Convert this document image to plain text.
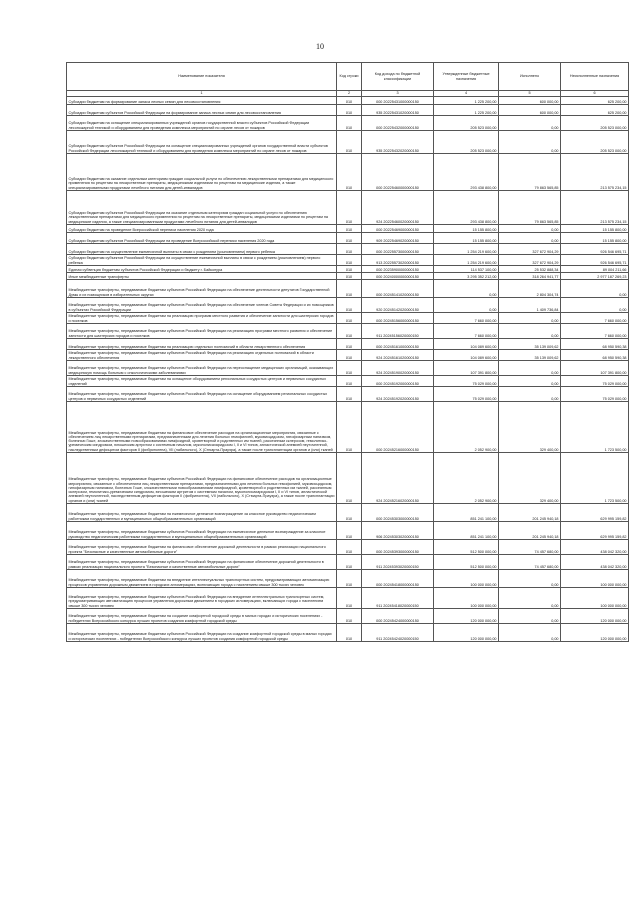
10
Наименование показателя	Код строки	Код дохода по бюджетной классификации	Утвержденные бюджетные назначения	Исполнено	Неисполненные назначения
1	2	3	4	5	6
Субсидии бюджетам на формирование запаса лесных семян для лесовосстановления	010	000 20225431000000150	1 225 200,00	600 000,00	625 200,00
Субсидии бюджетам субъектов Российской Федерации на формирование запаса лесных семян для лесовосстановления	010	935 20225431020000150	1 225 200,00	600 000,00	625 200,00
Субсидии бюджетам на оснащение специализированных учреждений органов государственной власти субъектов Российской Федерации лесопожарной техникой и оборудованием для проведения комплекса мероприятий по охране лесов от пожаров	010	000 20225432000000150	205 523 000,00	0,00	205 523 000,00
Субсидии бюджетам субъектов Российской Федерации на оснащение специализированных учреждений органов государственной власти субъектов Российской Федерации лесопожарной техникой и оборудованием для проведения комплекса мероприятий по охране лесов от пожаров	010	935 20225432020000150	205 523 000,00	0,00	205 523 000,00
Субсидии бюджетам на оказание отдельным категориям граждан социальной услуги по обеспечению лекарственными препаратами для медицинского применения по рецептам на лекарственные препараты, медицинскими изделиями по рецептам на медицинские изделия, а также специализированными продуктами лечебного питания для детей-инвалидов	010	000 20225460000000150	293 438 800,00	79 863 565,85	213 575 234,15
Субсидии бюджетам субъектов Российской Федерации на оказание отдельным категориям граждан социальной услуги по обеспечению лекарственными препаратами для медицинского применения по рецептам на лекарственные препараты, медицинскими изделиями по рецептам на медицинские изделия, а также специализированными продуктами лечебного питания для детей-инвалидов	010	924 20225460020000150	293 438 800,00	79 863 565,85	213 575 234,15
Субсидии бюджетам на проведение Всероссийской переписи населения 2020 года	010	000 20225469000000150	15 155 800,00	0,00	15 155 800,00
Субсидии бюджетам субъектов Российской Федерации на проведение Всероссийской переписи населения 2020 года	010	909 20225469020000150	15 155 800,00	0,00	15 155 800,00
Субсидии бюджетам на осуществление ежемесячной выплаты в связи с рождением (усыновлением) первого ребенка	010	000 20225573000000150	1 254 219 600,00	327 672 904,29	926 546 695,71
Субсидии бюджетам субъектов Российской Федерации на осуществление ежемесячной выплаты в связи с рождением (усыновлением) первого ребенка	010	913 20225573020000150	1 254 219 600,00	327 672 904,29	926 546 695,71
Единая субвенция бюджетам субъектов Российской Федерации и бюджету г. Байконура	010	000 20235900000000150	114 537 100,00	25 532 888,34	89 004 211,66
Иные межбюджетные трансферты	010	000 20240000000000150	3 295 352 212,00	318 264 941,77	2 977 187 269,23
Межбюджетные трансферты, передаваемые бюджетам субъектов Российской Федерации на обеспечение деятельности депутатов Государственной Думы и их помощников в избирательных округах	010	000 20245141020000150	0,00	2 804 304,74	0,00
Межбюджетные трансферты, передаваемые бюджетам субъектов Российской Федерации на обеспечение членов Совета Федерации и их помощников в субъектах Российской Федерации	010	920 20245142020000150	0,00	1 409 736,84	0,00
Межбюджетные трансферты, передаваемые бюджетам на реализацию программ местного развития и обеспечение занятости для шахтерских городов и поселков	010	000 20245156000000150	7 660 000,00	0,00	7 660 000,00
Межбюджетные трансферты, передаваемые бюджетам субъектов Российской Федерации на реализацию программ местного развития и обеспечение занятости для шахтерских городов и поселков	010	911 20245156020000150	7 660 000,00	0,00	7 660 000,00
Межбюджетные трансферты, передаваемые бюджетам на реализацию отдельных полномочий в области лекарственного обеспечения	010	000 20245161000000150	104 089 600,00	35 139 009,62	68 950 590,38
Межбюджетные трансферты, передаваемые бюджетам субъектов Российской Федерации на реализацию отдельных полномочий в области лекарственного обеспечения	010	924 20245161020000150	104 089 600,00	35 139 009,62	68 950 590,38
Межбюджетные трансферты, передаваемые бюджетам субъектов Российской Федерации на переоснащение медицинских организаций, оказывающих медицинскую помощь больным с онкологическими заболеваниями	010	924 20245190020000150	107 391 800,00	0,00	107 391 800,00
Межбюджетные трансферты, передаваемые бюджетам на оснащение оборудованием региональных сосудистых центров и первичных сосудистых отделений	010	000 20245192000000150	75 029 000,00	0,00	75 029 000,00
Межбюджетные трансферты, передаваемые бюджетам субъектов Российской Федерации на оснащение оборудованием региональных сосудистых центров и первичных сосудистых отделений	010	924 20245192020000150	75 029 000,00	0,00	75 029 000,00
Межбюджетные трансферты, передаваемые бюджетам на финансовое обеспечение расходов на организационные мероприятия, связанные с обеспечением лиц лекарственными препаратами, предназначенными для лечения больных гемофилией, муковисцидозом, гипофизарным нанизмом, болезнью Гоше, злокачественными новообразованиями лимфоидной, кроветворной и родственных им тканей, рассеянным склерозом, гемолитико-уремическим синдромом, юношеским артритом с системным началом, мукополисахаридозом I, II и VI типов, апластической анемией неуточненной, наследственным дефицитом факторов II (фибриногена), VII (лабильного), X (Стюарта-Прауэра), а также после трансплантации органов и (или) тканей	010	000 20245216000000150	2 052 900,00	329 400,00	1 723 500,00
Межбюджетные трансферты, передаваемые бюджетам субъектов Российской Федерации на финансовое обеспечение расходов на организационные мероприятия, связанные с обеспечением лиц лекарственными препаратами, предназначенными для лечения больных гемофилией, муковисцидозом, гипофизарным нанизмом, болезнью Гоше, злокачественными новообразованиями лимфоидной, кроветворной и родственных им тканей, рассеянным склерозом, гемолитико-уремическим синдромом, юношеским артритом с системным началом, мукополисахаридозом I, II и VI типов, апластической анемией неуточненной, наследственным дефицитом факторов II (фибриногена), VII (лабильного), X (Стюарта-Прауэра), а также после трансплантации органов и (или) тканей	010	924 20245216020000150	2 052 900,00	329 400,00	1 723 500,00
Межбюджетные трансферты, передаваемые бюджетам на ежемесячное денежное вознаграждение за классное руководство педагогическим работникам государственных и муниципальных общеобразовательных организаций	010	000 20245303000000150	851 241 100,00	201 245 940,18	629 995 159,82
Межбюджетные трансферты, передаваемые бюджетам субъектов Российской Федерации на ежемесячное денежное вознаграждение за классное руководство педагогическим работникам государственных и муниципальных общеобразовательных организаций	010	906 20245303020000150	851 241 100,00	201 245 940,18	629 995 159,82
Межбюджетные трансферты, передаваемые бюджетам на финансовое обеспечение дорожной деятельности в рамках реализации национального проекта "Безопасные и качественные автомобильные дороги"	010	000 20245393000000150	512 500 000,00	74 457 680,00	438 042 320,00
Межбюджетные трансферты, передаваемые бюджетам субъектов Российской Федерации на финансовое обеспечение дорожной деятельности в рамках реализации национального проекта "Безопасные и качественные автомобильные дороги"	010	911 20245393020000150	512 500 000,00	74 457 680,00	438 042 320,00
Межбюджетные трансферты, передаваемые бюджетам на внедрение интеллектуальных транспортных систем, предусматривающих автоматизацию процессов управления дорожным движением в городских агломерациях, включающих города с населением свыше 300 тысяч человек	010	000 20245418000000150	100 000 000,00	0,00	100 000 000,00
Межбюджетные трансферты, передаваемые бюджетам субъектов Российской Федерации на внедрение интеллектуальных транспортных систем, предусматривающих автоматизацию процессов управления дорожным движением в городских агломерациях, включающих города с населением свыше 300 тысяч человек	010	911 20245418020000150	100 000 000,00	0,00	100 000 000,00
Межбюджетные трансферты, передаваемые бюджетам на создание комфортной городской среды в малых городах и исторических поселениях - победителях Всероссийского конкурса лучших проектов создания комфортной городской среды	010	000 20245424000000150	120 000 000,00	0,00	120 000 000,00
Межбюджетные трансферты, передаваемые бюджетам субъектов Российской Федерации на создание комфортной городской среды в малых городах и исторических поселениях - победителях Всероссийского конкурса лучших проектов создания комфортной городской среды	010	911 20245424020000150	120 000 000,00	0,00	120 000 000,00
